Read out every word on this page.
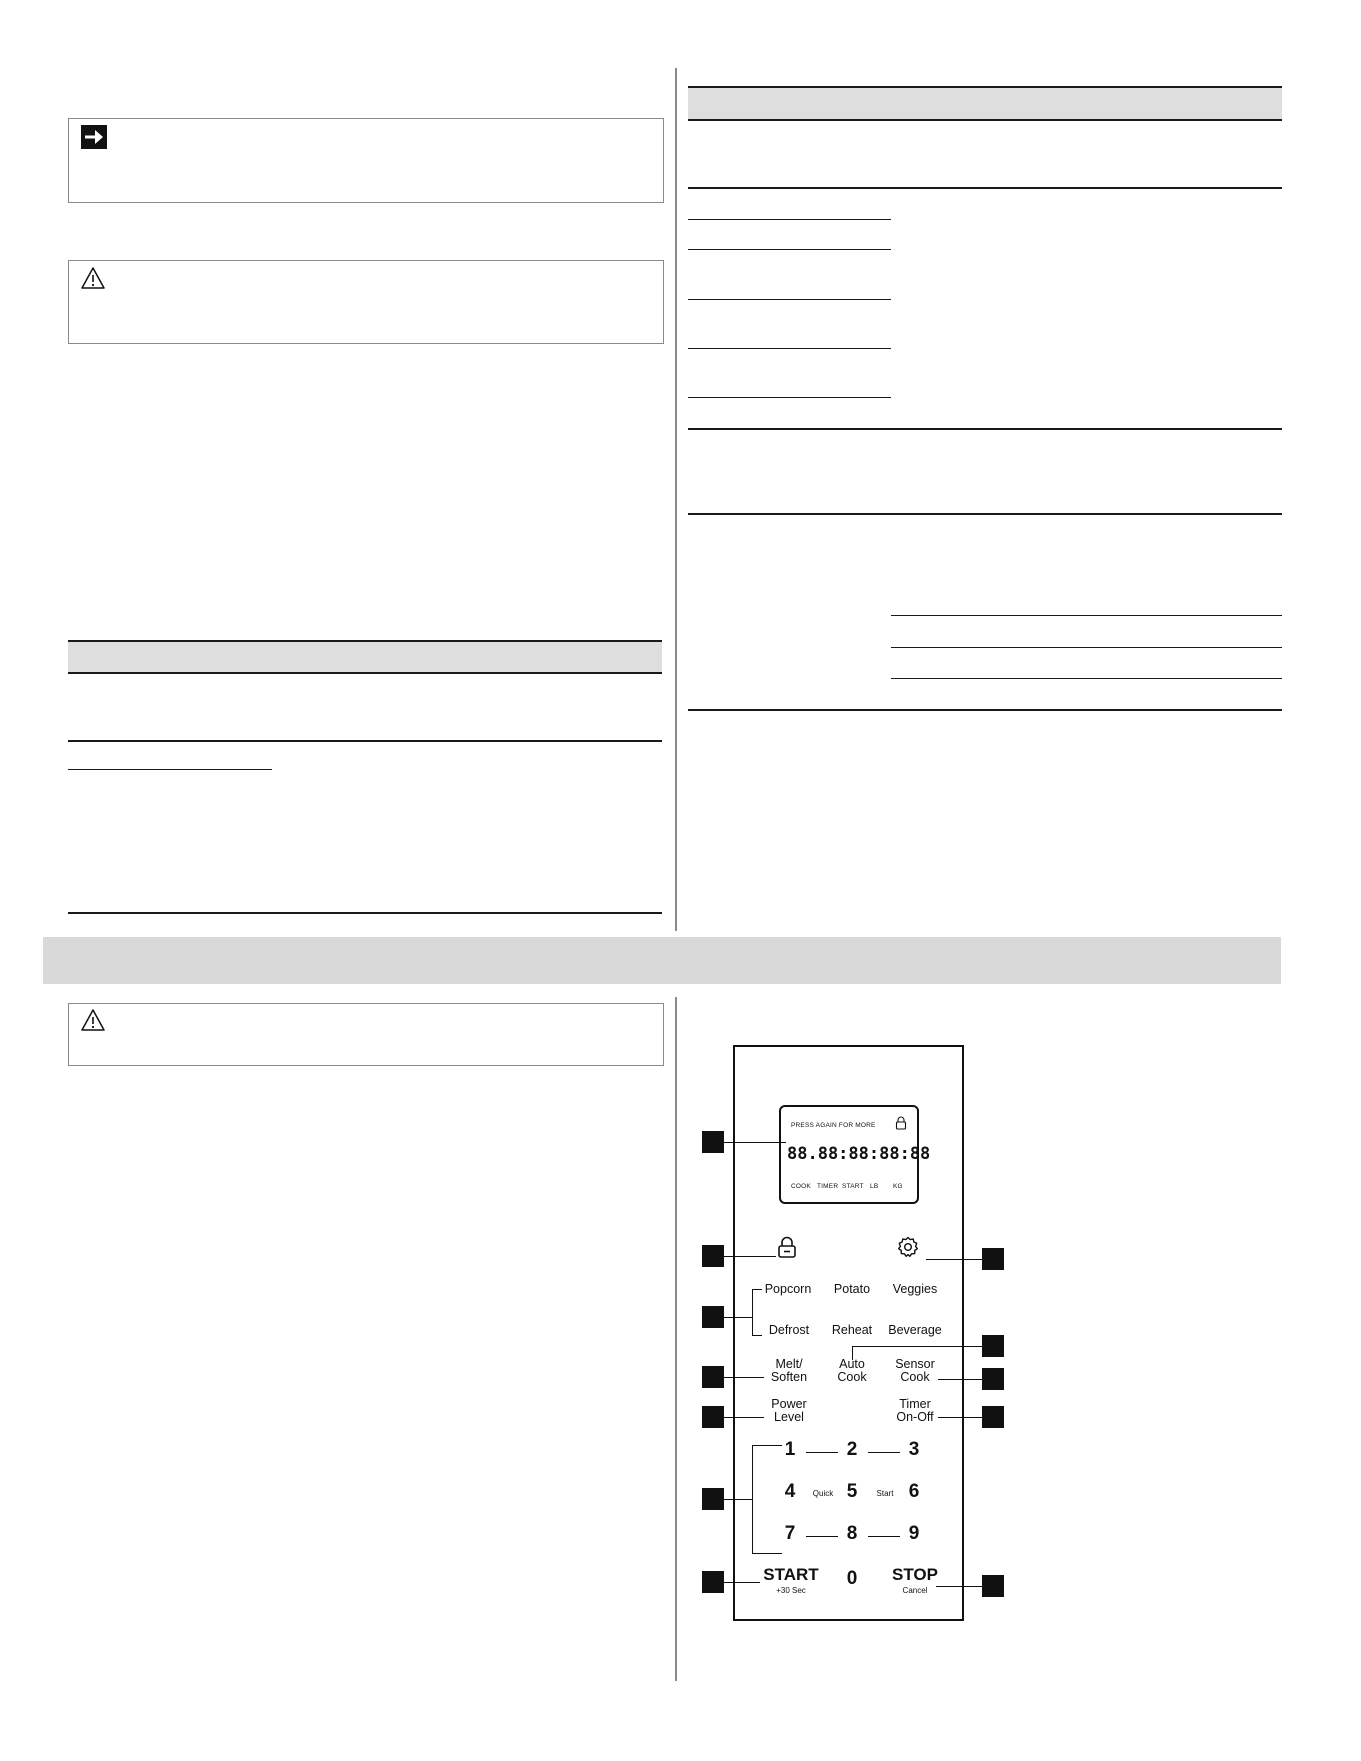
PRESS AGAIN FOR MORE
88.88:88:88:88
COOK TIMER START LB KG
Popcorn	Potato	Veggies
Defrost	Reheat	Beverage
Melt/
Soften
Auto
Cook
Sensor
Cook
Power
Level
Timer
On-Off
1	2	3
4	5	6
7	8	9
0
Quick	Start
START
+30 Sec
STOP
Cancel
